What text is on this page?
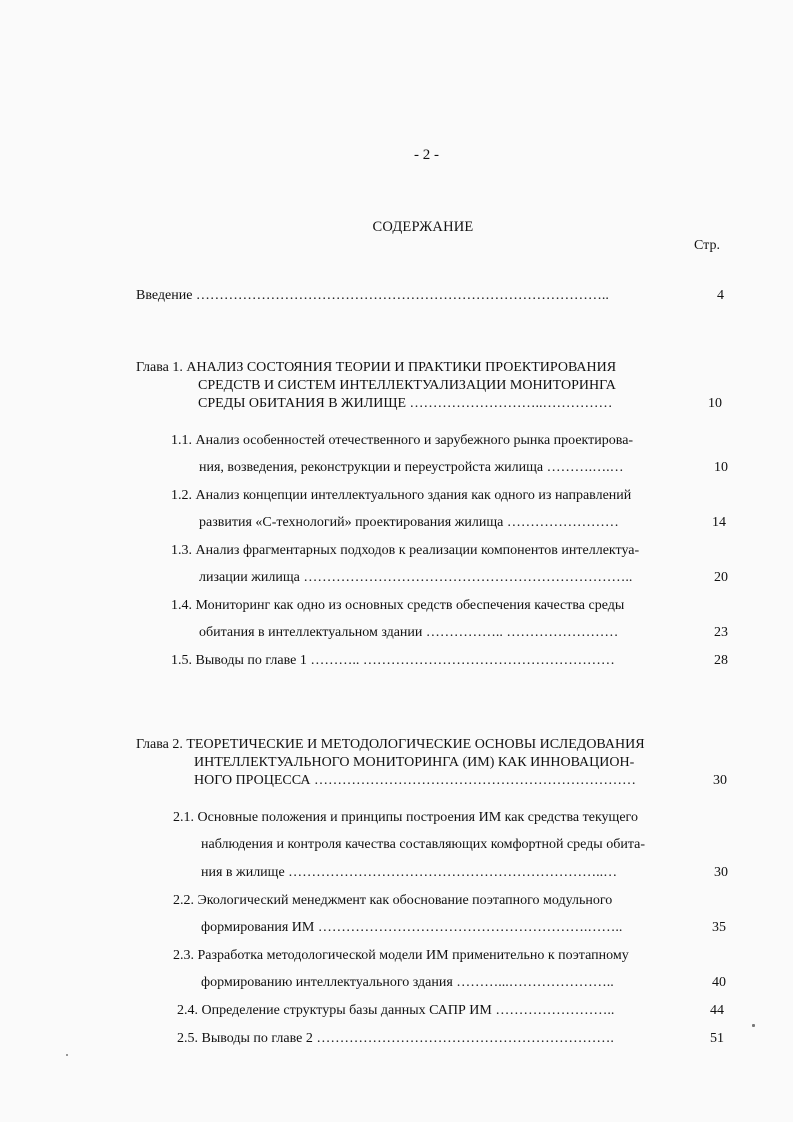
- 2 -
СОДЕРЖАНИЕ
Стр.
Введение ……………………………………………………………………………..	4
Глава 1. АНАЛИЗ СОСТОЯНИЯ ТЕОРИИ И ПРАКТИКИ ПРОЕКТИРОВАНИЯ
СРЕДСТВ И СИСТЕМ ИНТЕЛЛЕКТУАЛИЗАЦИИ МОНИТОРИНГА
СРЕДЫ ОБИТАНИЯ В ЖИЛИЩЕ ………………………..……………	10
1.1. Анализ особенностей отечественного и зарубежного рынка проектирова-
ния, возведения, реконструкции и переустройста жилища ……….….…	10
1.2. Анализ концепции интеллектуального здания как одного из направлений
развития «С-технологий» проектирования жилища ……………………	14
1.3. Анализ фрагментарных подходов к реализации компонентов интеллектуа-
лизации жилища ……………………………………………………………..	20
1.4. Мониторинг как одно из основных средств обеспечения качества среды
обитания в интеллектуальном здании …………….. ……………………	23
1.5. Выводы по главе 1 ……….. ………………………………………………	28
Глава 2. ТЕОРЕТИЧЕСКИЕ И МЕТОДОЛОГИЧЕСКИЕ ОСНОВЫ ИСЛЕДОВАНИЯ
ИНТЕЛЛЕКТУАЛЬНОГО МОНИТОРИНГА (ИМ) КАК ИННОВАЦИОН-
НОГО ПРОЦЕССА ……………………………………………………………	30
2.1. Основные положения и принципы построения ИМ как средства текущего
наблюдения и контроля качества составляющих комфортной среды обита-
ния в жилище …………………………………………………………..…	30
2.2. Экологический менеджмент как обоснование поэтапного модульного
формирования ИМ ………………………………………………….……..	35
2.3. Разработка методологической модели ИМ применительно к поэтапному
формированию интеллектуального здания ………...…………………..	40
2.4. Определение структуры базы данных САПР ИМ ……………………..	44
2.5. Выводы по главе 2 ……………………………………………………….	51
